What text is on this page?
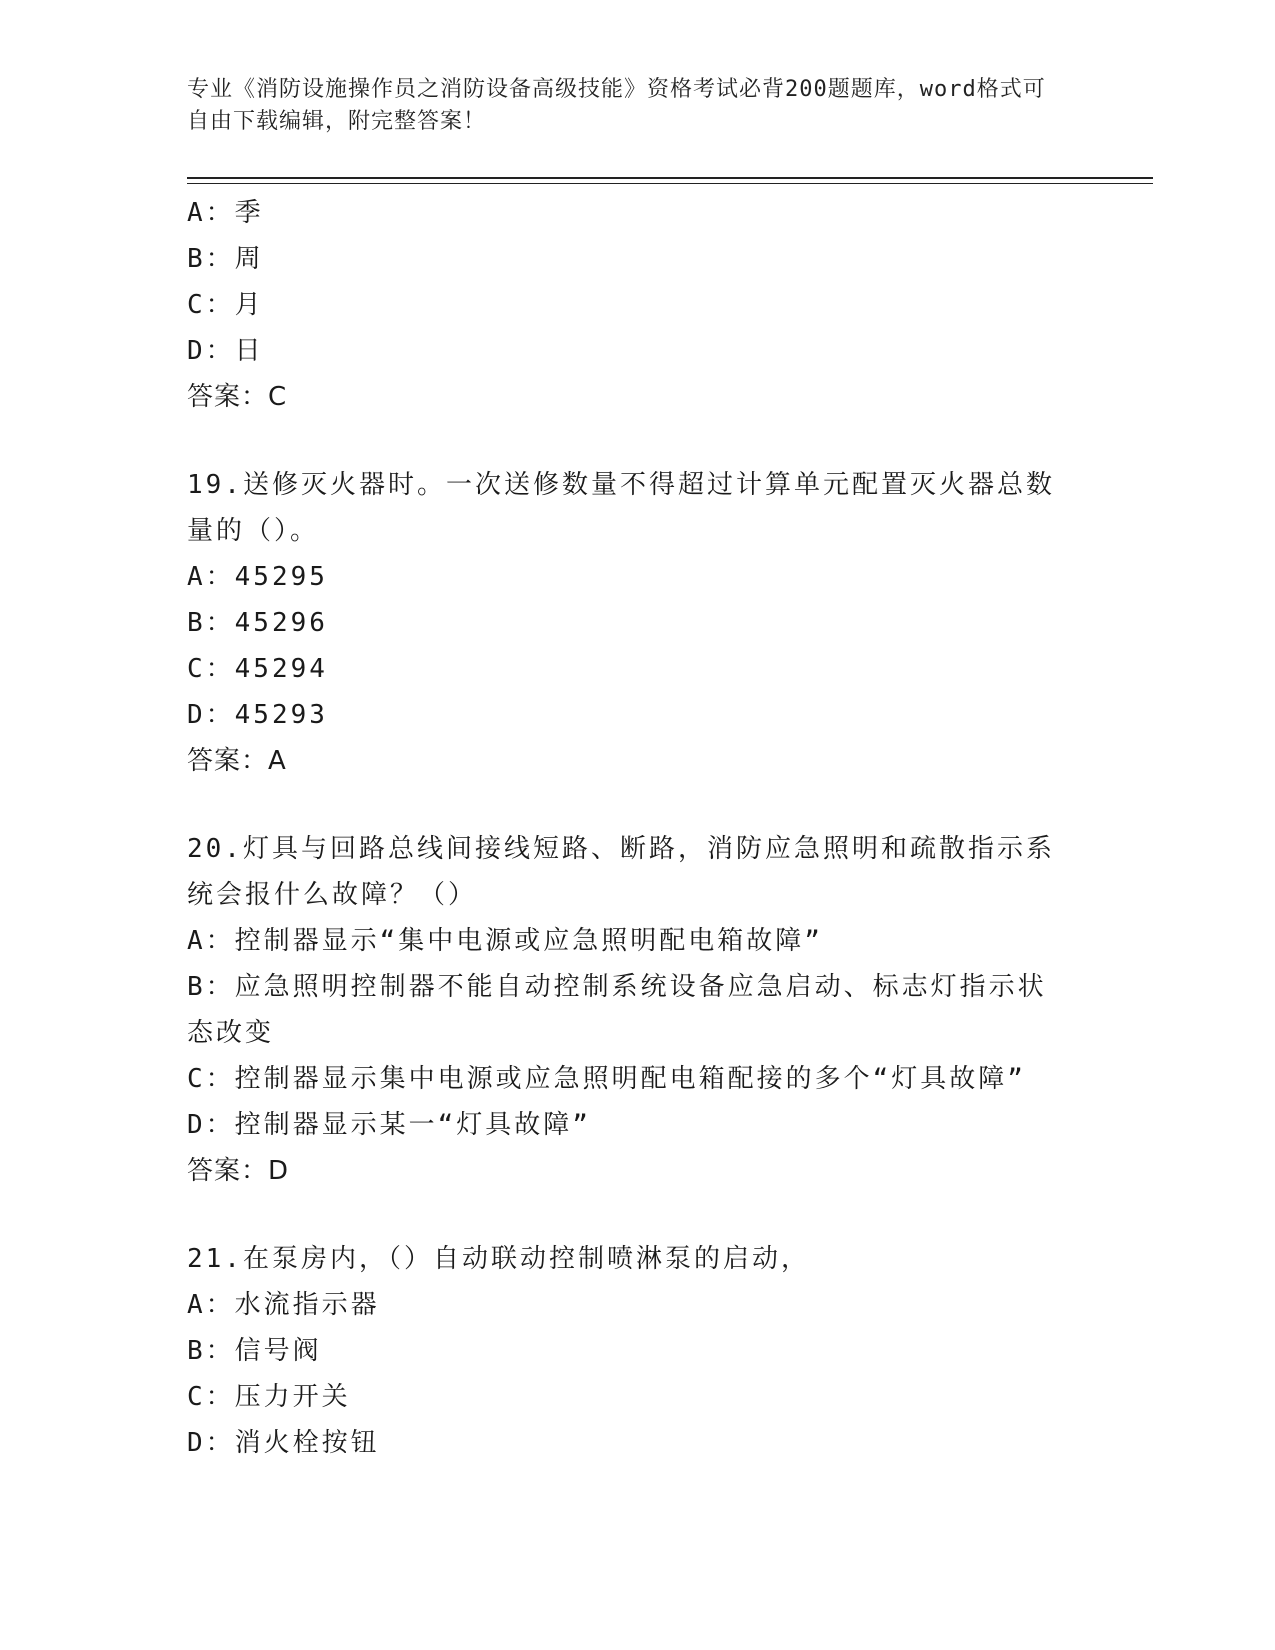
专业《消防设施操作员之消防设备高级技能》资格考试必背200题题库，word格式可自由下载编辑，附完整答案！
A：季
B：周
C：月
D：日
答案：C
19.送修灭火器时。一次送修数量不得超过计算单元配置灭火器总数量的（）。
A：45295
B：45296
C：45294
D：45293
答案：A
20.灯具与回路总线间接线短路、断路，消防应急照明和疏散指示系统会报什么故障？（）
A：控制器显示“集中电源或应急照明配电箱故障”
B：应急照明控制器不能自动控制系统设备应急启动、标志灯指示状态改变
C：控制器显示集中电源或应急照明配电箱配接的多个“灯具故障”
D：控制器显示某一“灯具故障”
答案：D
21.在泵房内，（）自动联动控制喷淋泵的启动，
A：水流指示器
B：信号阀
C：压力开关
D：消火栓按钮
